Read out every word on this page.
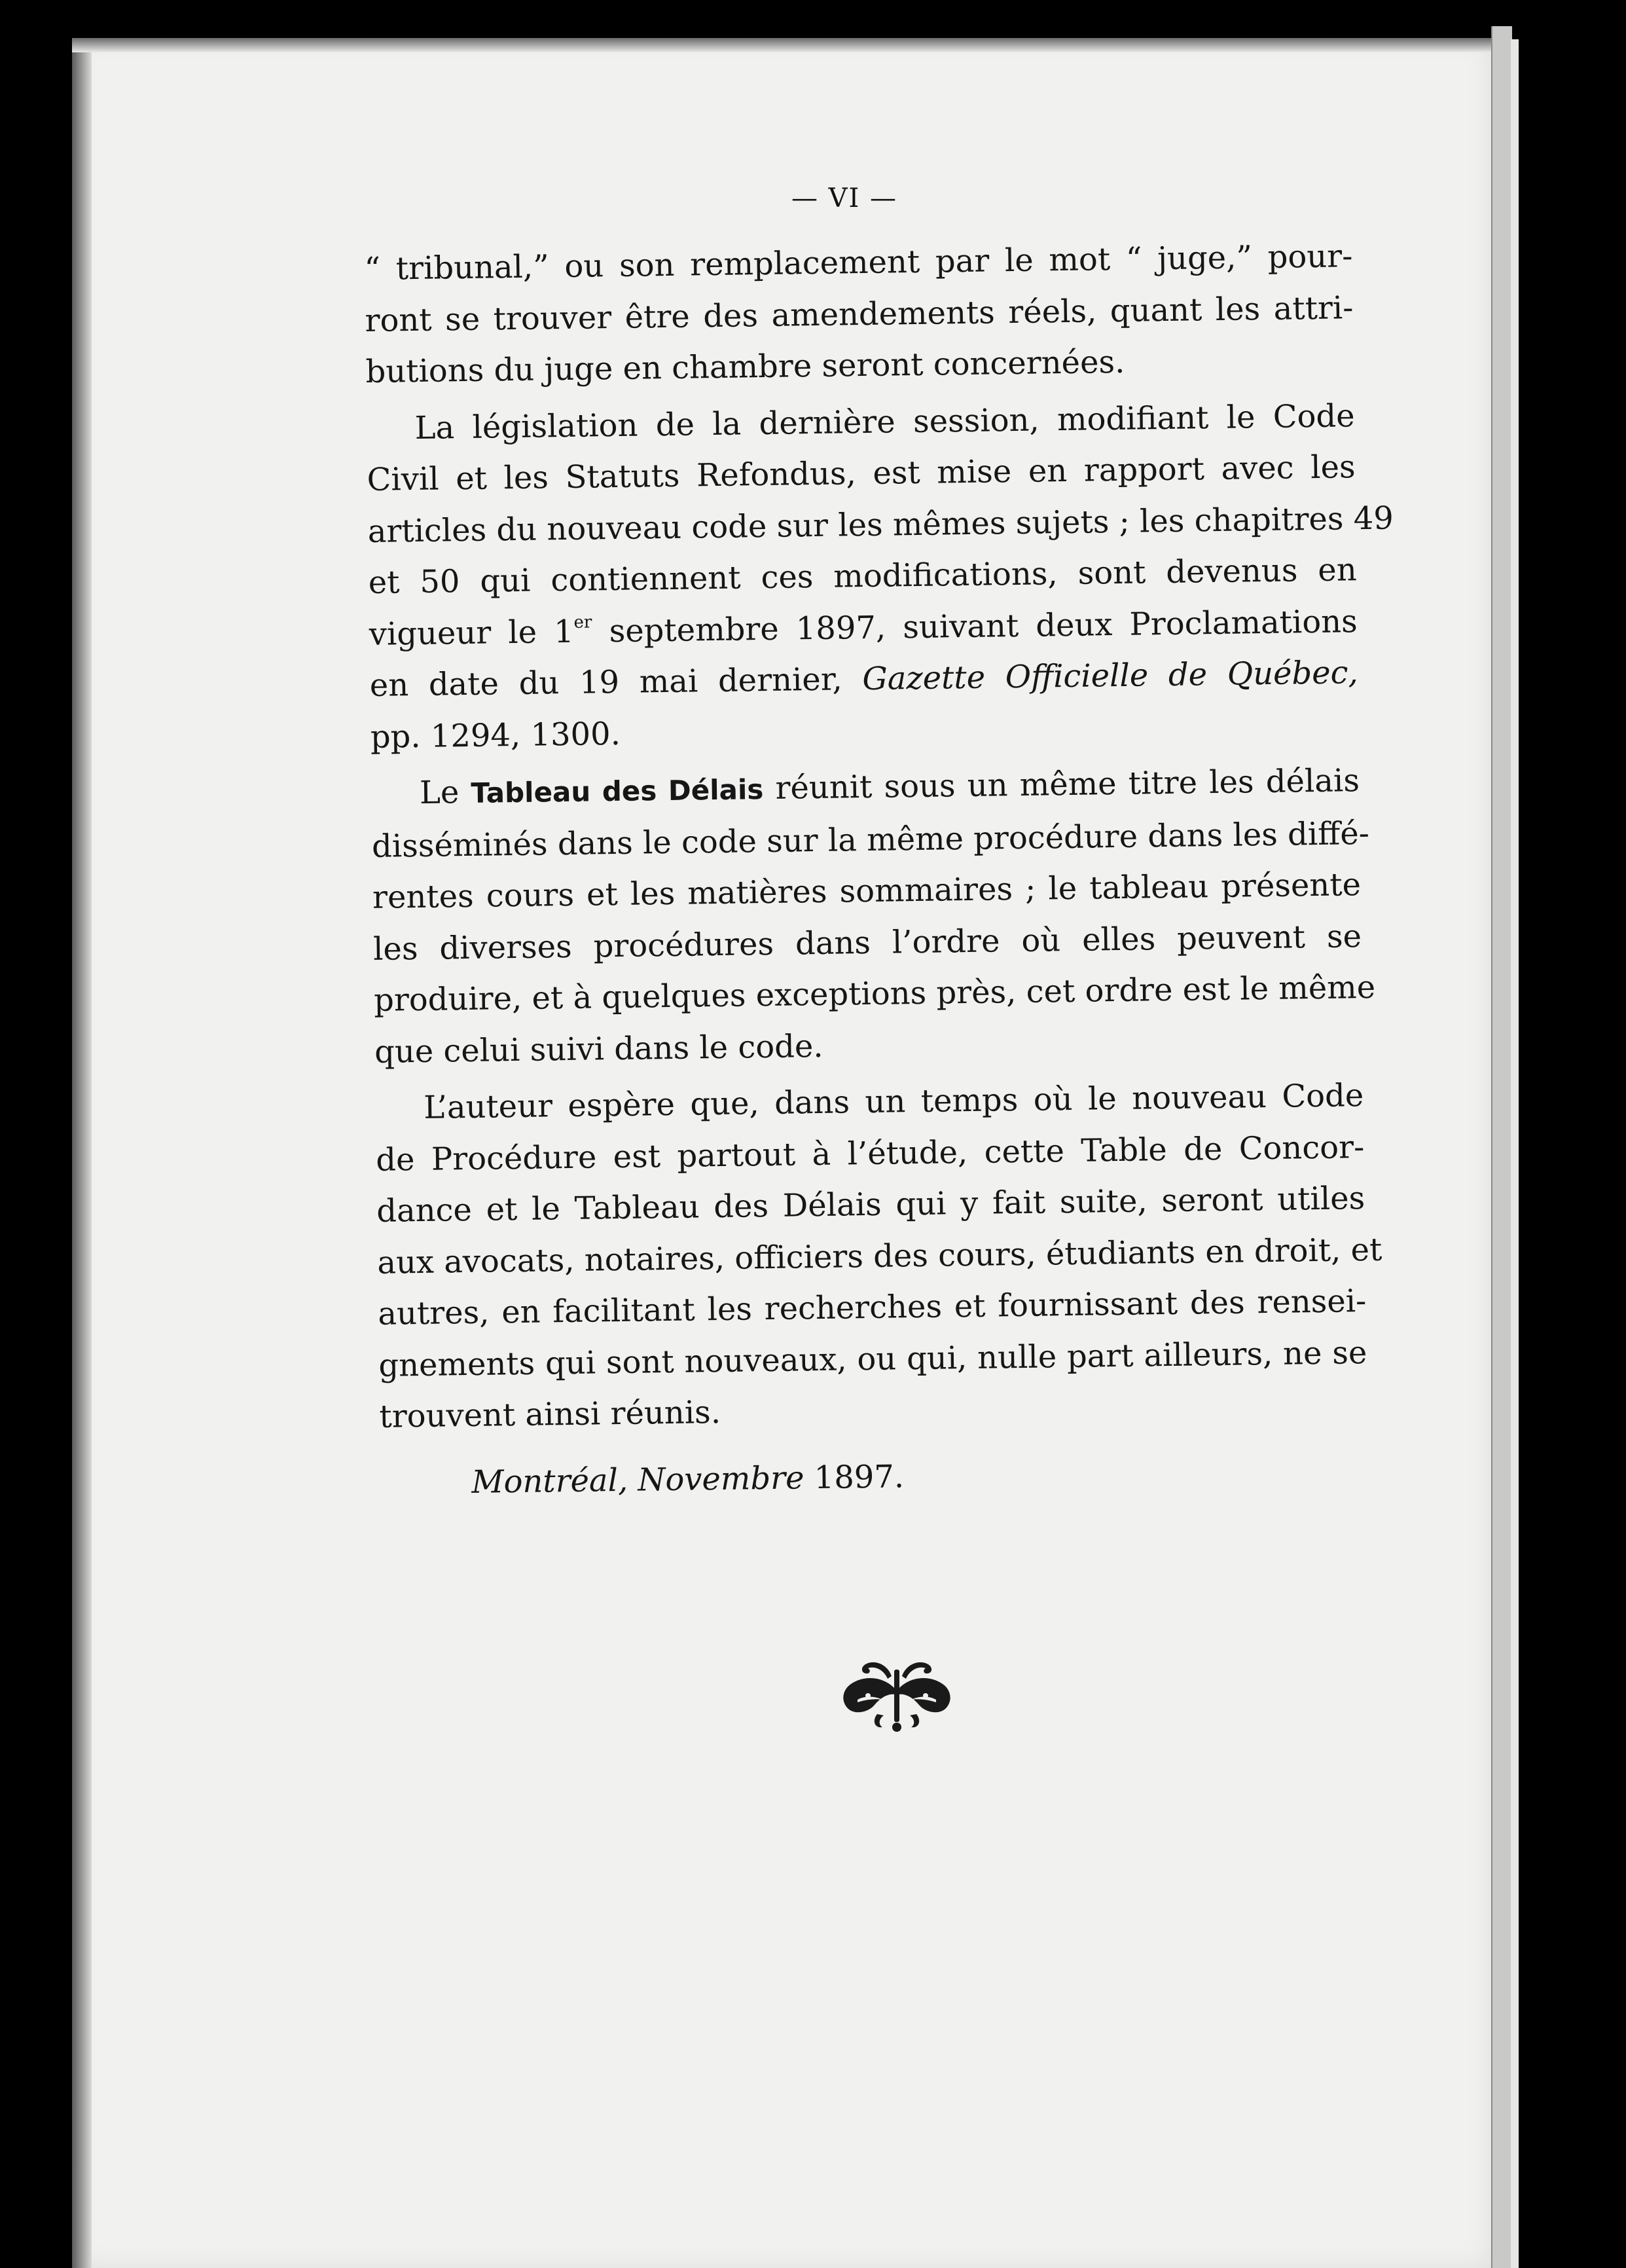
— VI —

“ tribunal,” ou son remplacement par le mot “ juge,” pour-
ront se trouver être des amendements réels, quant les attri-
butions du juge en chambre seront concernées.

La législation de la dernière session, modifiant le Code
Civil et les Statuts Refondus, est mise en rapport avec les
articles du nouveau code sur les mêmes sujets ; les chapitres 49
et 50 qui contiennent ces modifications, sont devenus en
vigueur le 1er septembre 1897, suivant deux Proclamations
en date du 19 mai dernier, Gazette Officielle de Québec,
pp. 1294, 1300.

Le Tableau des Délais réunit sous un même titre les délais
disséminés dans le code sur la même procédure dans les diffé-
rentes cours et les matières sommaires ; le tableau présente
les diverses procédures dans l’ordre où elles peuvent se
produire, et à quelques exceptions près, cet ordre est le même
que celui suivi dans le code.

L’auteur espère que, dans un temps où le nouveau Code
de Procédure est partout à l’étude, cette Table de Concor-
dance et le Tableau des Délais qui y fait suite, seront utiles
aux avocats, notaires, officiers des cours, étudiants en droit, et
autres, en facilitant les recherches et fournissant des rensei-
gnements qui sont nouveaux, ou qui, nulle part ailleurs, ne se
trouvent ainsi réunis.

Montréal, Novembre 1897.
